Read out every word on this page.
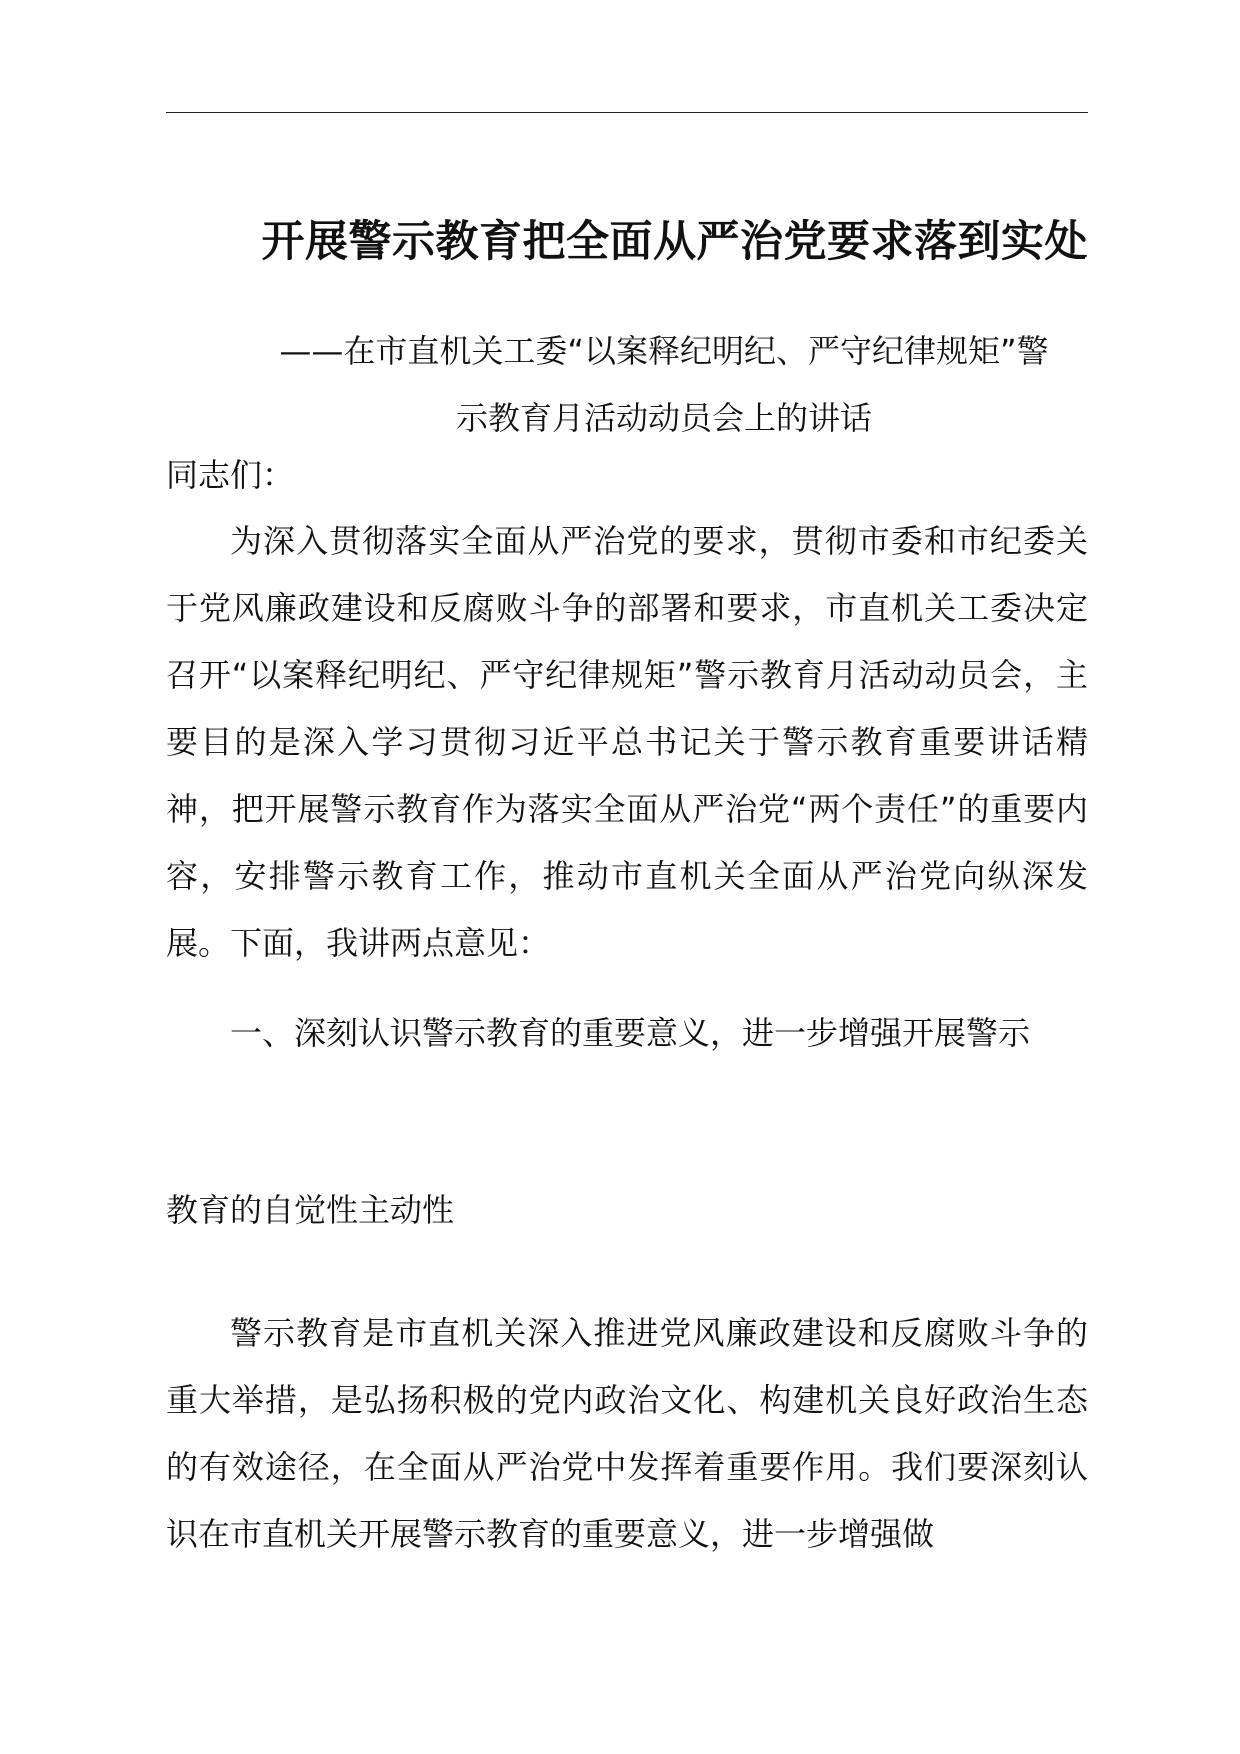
开展警示教育把全面从严治党要求落到实处
——在市直机关工委“以案释纪明纪、严守纪律规矩”警
示教育月活动动员会上的讲话
同志们：

为深入贯彻落实全面从严治党的要求，贯彻市委和市纪委关于党风廉政建设和反腐败斗争的部署和要求，市直机关工委决定召开“以案释纪明纪、严守纪律规矩”警示教育月活动动员会，主要目的是深入学习贯彻习近平总书记关于警示教育重要讲话精神，把开展警示教育作为落实全面从严治党“两个责任”的重要内容，安排警示教育工作，推动市直机关全面从严治党向纵深发展。下面，我讲两点意见：

一、深刻认识警示教育的重要意义，进一步增强开展警示
教育的自觉性主动性

警示教育是市直机关深入推进党风廉政建设和反腐败斗争的重大举措，是弘扬积极的党内政治文化、构建机关良好政治生态的有效途径，在全面从严治党中发挥着重要作用。我们要深刻认识在市直机关开展警示教育的重要意义，进一步增强做
